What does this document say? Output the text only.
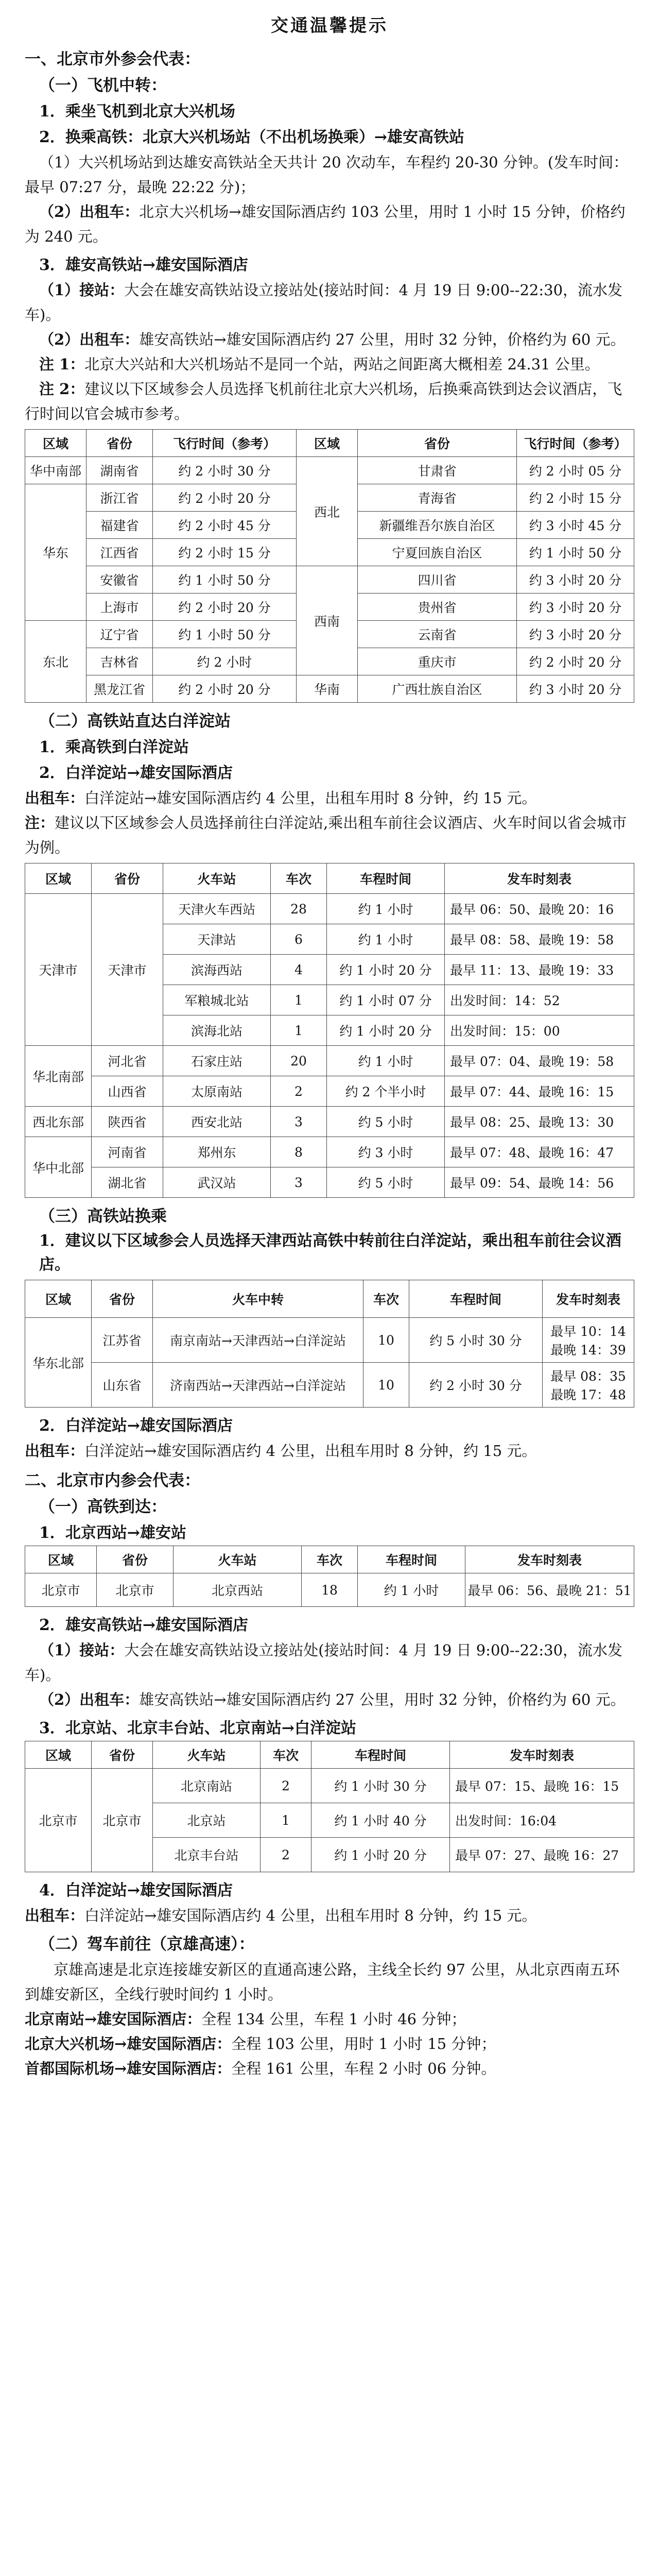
交通温馨提示
一、北京市外参会代表：
（一）飞机中转：
1．乘坐飞机到北京大兴机场
2．换乘高铁：北京大兴机场站（不出机场换乘）→雄安高铁站

（1）大兴机场站到达雄安高铁站全天共计 20 次动车，车程约 20-30 分钟。(发车时间：最早 07:27 分，最晚 22:22 分)；

（2）出租车：北京大兴机场→雄安国际酒店约 103 公里，用时 1 小时 15 分钟，价格约为 240 元。

3．雄安高铁站→雄安国际酒店

（1）接站：大会在雄安高铁站设立接站处(接站时间：4 月 19 日 9:00--22:30，流水发车)。

（2）出租车：雄安高铁站→雄安国际酒店约 27 公里，用时 32 分钟，价格约为 60 元。

注 1：北京大兴站和大兴机场站不是同一个站，两站之间距离大概相差 24.31 公里。

注 2：建议以下区域参会人员选择飞机前往北京大兴机场，后换乘高铁到达会议酒店，飞行时间以官会城市参考。

区域	省份	飞行时间（参考）	区域	省份	飞行时间（参考）
华中南部	湖南省	约 2 小时 30 分	西北	甘肃省	约 2 小时 05 分
华东	浙江省	约 2 小时 20 分		青海省	约 2 小时 15 分
	福建省	约 2 小时 45 分		新疆维吾尔族自治区	约 3 小时 45 分
	江西省	约 2 小时 15 分		宁夏回族自治区	约 1 小时 50 分
	安徽省	约 1 小时 50 分	西南	四川省	约 3 小时 20 分
	上海市	约 2 小时 20 分		贵州省	约 3 小时 20 分
东北	辽宁省	约 1 小时 50 分		云南省	约 3 小时 20 分
	吉林省	约 2 小时		重庆市	约 2 小时 20 分
	黑龙江省	约 2 小时 20 分	华南	广西壮族自治区	约 3 小时 20 分
（二）高铁站直达白洋淀站
1．乘高铁到白洋淀站
2．白洋淀站→雄安国际酒店

出租车：白洋淀站→雄安国际酒店约 4 公里，出租车用时 8 分钟，约 15 元。

注：建议以下区域参会人员选择前往白洋淀站,乘出租车前往会议酒店、火车时间以省会城市为例。

区域	省份	火车站	车次	车程时间	发车时刻表
天津市	天津市	天津火车西站	28	约 1 小时	最早 06：50、最晚 20：16
		天津站	6	约 1 小时	最早 08：58、最晚 19：58
		滨海西站	4	约 1 小时 20 分	最早 11：13、最晚 19：33
		军粮城北站	1	约 1 小时 07 分	出发时间：14：52
		滨海北站	1	约 1 小时 20 分	出发时间：15：00
华北南部	河北省	石家庄站	20	约 1 小时	最早 07：04、最晚 19：58
	山西省	太原南站	2	约 2 个半小时	最早 07：44、最晚 16：15
西北东部	陕西省	西安北站	3	约 5 小时	最早 08：25、最晚 13：30
华中北部	河南省	郑州东	8	约 3 小时	最早 07：48、最晚 16：47
	湖北省	武汉站	3	约 5 小时	最早 09：54、最晚 14：56
（三）高铁站换乘
1．建议以下区域参会人员选择天津西站高铁中转前往白洋淀站，乘出租车前往会议酒店。
区域	省份	火车中转	车次	车程时间	发车时刻表
华东北部	江苏省	南京南站→天津西站→白洋淀站	10	约 5 小时 30 分	最早 10：14
最晚 14：39

	山东省	济南西站→天津西站→白洋淀站	10	约 2 小时 30 分	最早 08：35
最晚 17：48
2．白洋淀站→雄安国际酒店

出租车：白洋淀站→雄安国际酒店约 4 公里，出租车用时 8 分钟，约 15 元。

二、北京市内参会代表：
（一）高铁到达：
1．北京西站→雄安站
区域	省份	火车站	车次	车程时间	发车时刻表
北京市	北京市	北京西站	18	约 1 小时	最早 06：56、最晚 21：51
2．雄安高铁站→雄安国际酒店

（1）接站：大会在雄安高铁站设立接站处(接站时间：4 月 19 日 9:00--22:30，流水发车)。

（2）出租车：雄安高铁站→雄安国际酒店约 27 公里，用时 32 分钟，价格约为 60 元。

3．北京站、北京丰台站、北京南站→白洋淀站
区域	省份	火车站	车次	车程时间	发车时刻表
北京市	北京市	北京南站	2	约 1 小时 30 分	最早 07：15、最晚 16：15
		北京站	1	约 1 小时 40 分	出发时间：16:04
		北京丰台站	2	约 1 小时 20 分	最早 07：27、最晚 16：27
4．白洋淀站→雄安国际酒店

出租车：白洋淀站→雄安国际酒店约 4 公里，出租车用时 8 分钟，约 15 元。

（二）驾车前往（京雄高速）：

京雄高速是北京连接雄安新区的直通高速公路，主线全长约 97 公里，从北京西南五环到雄安新区，全线行驶时间约 1 小时。

北京南站→雄安国际酒店：全程 134 公里，车程 1 小时 46 分钟；

北京大兴机场→雄安国际酒店：全程 103 公里，用时 1 小时 15 分钟；

首都国际机场→雄安国际酒店：全程 161 公里，车程 2 小时 06 分钟。
